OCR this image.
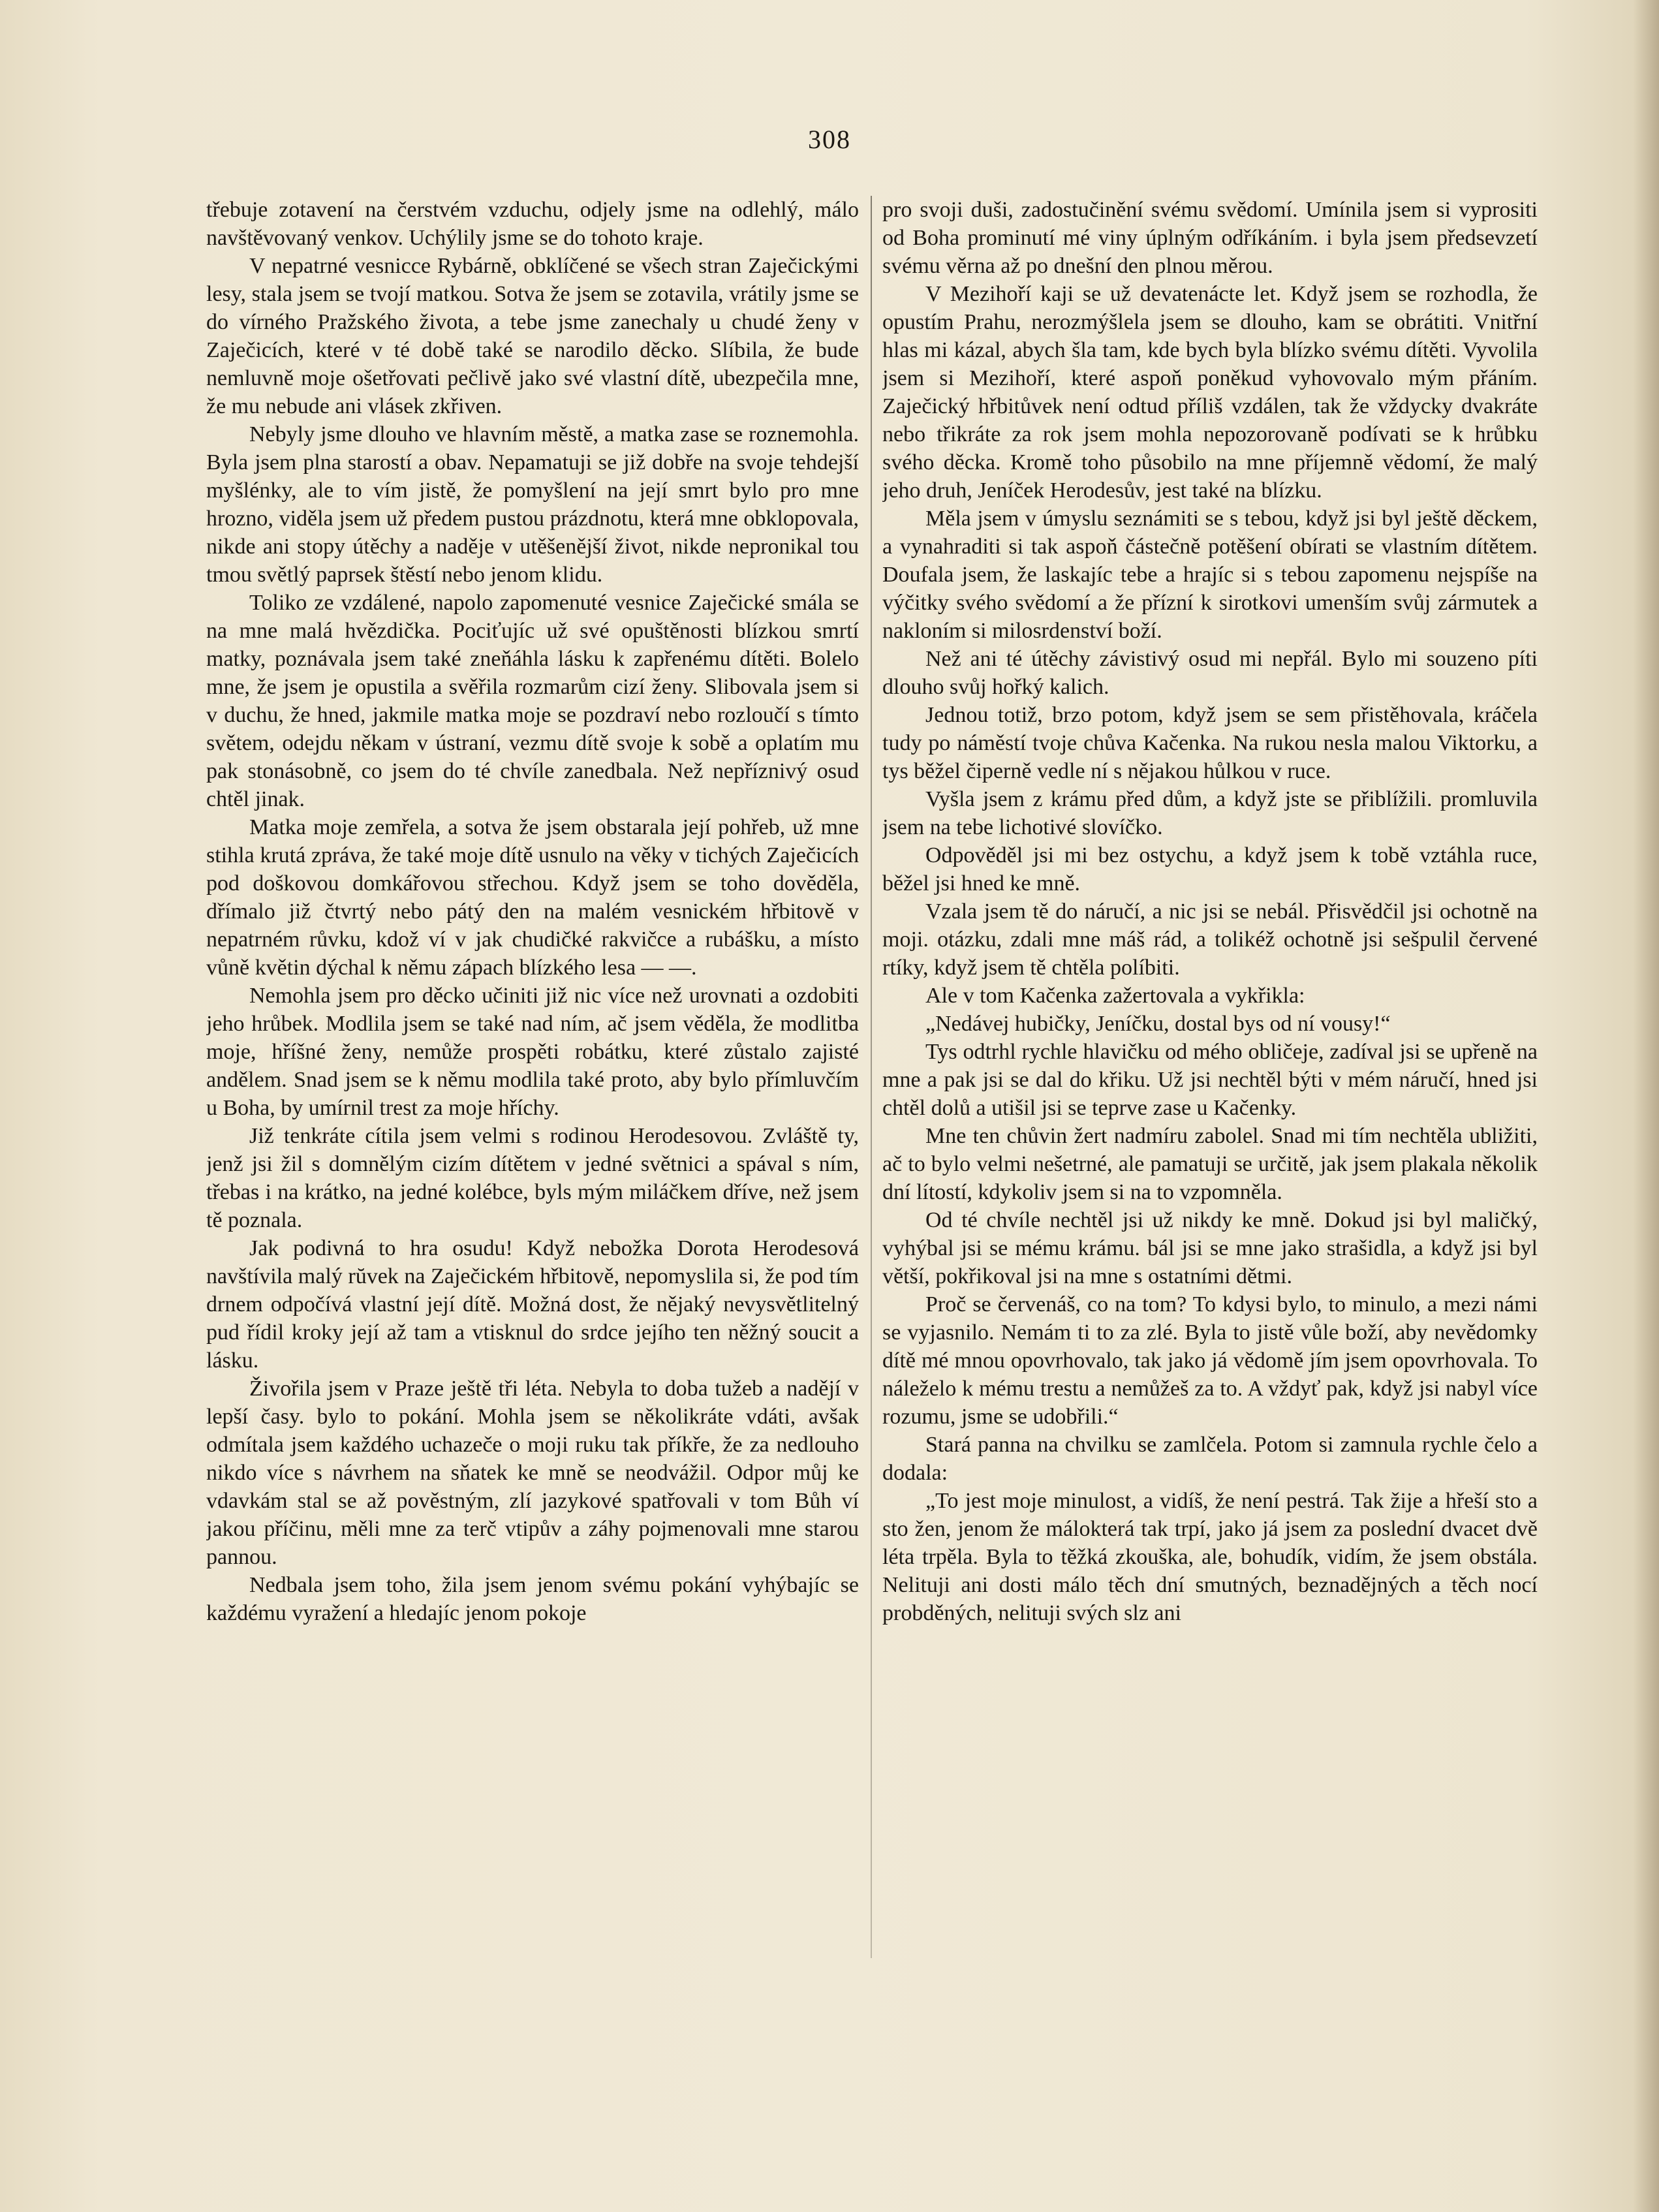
308

třebuje zotavení na čerstvém vzduchu, odjely jsme na odlehlý, málo navštěvovaný venkov. Uchýlily jsme se do tohoto kraje.

V nepatrné vesnicce Rybárně, obklíčené se všech stran Zaječickými lesy, stala jsem se tvojí matkou. Sotva že jsem se zotavila, vrátily jsme se do vírného Pražského života, a tebe jsme zanechaly u chudé ženy v Zaječicích, které v té době také se narodilo děcko. Slíbila, že bude nemluvně moje ošetřovati pečlivě jako své vlastní dítě, ubezpečila mne, že mu nebude ani vlásek zkřiven.

Nebyly jsme dlouho ve hlavním městě, a matka zase se roznemohla. Byla jsem plna starostí a obav. Nepamatuji se již dobře na svoje tehdejší myšlénky, ale to vím jistě, že pomyšlení na její smrt bylo pro mne hrozno, viděla jsem už předem pustou prázdnotu, která mne obklopovala, nikde ani stopy útěchy a naděje v utěšenější život, nikde nepronikal tou tmou světlý paprsek štěstí nebo jenom klidu.

Toliko ze vzdálené, napolo zapomenuté vesnice Zaječické smála se na mne malá hvězdička. Pociťujíc už své opuštěnosti blízkou smrtí matky, poznávala jsem také zneňáhla lásku k zapřenému dítěti. Bolelo mne, že jsem je opustila a svěřila rozmarům cizí ženy. Slibovala jsem si v duchu, že hned, jakmile matka moje se pozdraví nebo rozloučí s tímto světem, odejdu někam v ústraní, vezmu dítě svoje k sobě a oplatím mu pak stonásobně, co jsem do té chvíle zanedbala. Než nepříznivý osud chtěl jinak.

Matka moje zemřela, a sotva že jsem obstarala její pohřeb, už mne stihla krutá zpráva, že také moje dítě usnulo na věky v tichých Zaječicích pod doškovou domkářovou střechou. Když jsem se toho dověděla, dřímalo již čtvrtý nebo pátý den na malém vesnickém hřbitově v nepatrném růvku, kdož ví v jak chudičké rakvičce a rubášku, a místo vůně květin dýchal k němu zápach blízkého lesa — —.

Nemohla jsem pro děcko učiniti již nic více než urovnati a ozdobiti jeho hrůbek. Modlila jsem se také nad ním, ač jsem věděla, že modlitba moje, hříšné ženy, nemůže prospěti robátku, které zůstalo zajisté andělem. Snad jsem se k němu modlila také proto, aby bylo přímluvčím u Boha, by umírnil trest za moje hříchy.

Již tenkráte cítila jsem velmi s rodinou Herodesovou. Zvláště ty, jenž jsi žil s domnělým cizím dítětem v jedné světnici a spával s ním, třebas i na krátko, na jedné kolébce, byls mým miláčkem dříve, než jsem tě poznala.

Jak podivná to hra osudu! Když nebožka Dorota Herodesová navštívila malý rŭvek na Zaječickém hřbitově, nepomyslila si, že pod tím drnem odpočívá vlastní její dítě. Možná dost, že nějaký nevysvětlitelný pud řídil kroky její až tam a vtisknul do srdce jejího ten něžný soucit a lásku.

Živořila jsem v Praze ještě tři léta. Nebyla to doba tužeb a nadějí v lepší časy. bylo to pokání. Mohla jsem se několikráte vdáti, avšak odmítala jsem každého uchazeče o moji ruku tak příkře, že za nedlouho nikdo více s návrhem na sňatek ke mně se neodvážil. Odpor můj ke vdavkám stal se až pověstným, zlí jazykové spatřovali v tom Bůh ví jakou příčinu, měli mne za terč vtipův a záhy pojmenovali mne starou pannou.

Nedbala jsem toho, žila jsem jenom svému pokání vyhýbajíc se každému vyražení a hledajíc jenom pokoje

pro svoji duši, zadostučinění svému svědomí. Umínila jsem si vyprositi od Boha prominutí mé viny úplným odříkáním. i byla jsem předsevzetí svému věrna až po dnešní den plnou měrou.

V Mezihoří kaji se už devatenácte let. Když jsem se rozhodla, že opustím Prahu, nerozmýšlela jsem se dlouho, kam se obrátiti. Vnitřní hlas mi kázal, abych šla tam, kde bych byla blízko svému dítěti. Vyvolila jsem si Mezihoří, které aspoň poněkud vyhovovalo mým přáním. Zaječický hřbitůvek není odtud příliš vzdálen, tak že vždycky dvakráte nebo třikráte za rok jsem mohla nepozorovaně podívati se k hrůbku svého děcka. Kromě toho působilo na mne příjemně vědomí, že malý jeho druh, Jeníček Herodesův, jest také na blízku.

Měla jsem v úmyslu seznámiti se s tebou, když jsi byl ještě děckem, a vynahraditi si tak aspoň částečně potěšení obírati se vlastním dítětem. Doufala jsem, že laskajíc tebe a hrajíc si s tebou zapomenu nejspíše na výčitky svého svědomí a že přízní k sirotkovi umenším svůj zármutek a nakloním si milosrdenství boží.

Než ani té útěchy závistivý osud mi nepřál. Bylo mi souzeno píti dlouho svůj hořký kalich.

Jednou totiž, brzo potom, když jsem se sem přistěhovala, kráčela tudy po náměstí tvoje chůva Kačenka. Na rukou nesla malou Viktorku, a tys běžel čiperně vedle ní s nějakou hůlkou v ruce.

Vyšla jsem z krámu před dům, a když jste se přiblížili. promluvila jsem na tebe lichotivé slovíčko.

Odpověděl jsi mi bez ostychu, a když jsem k tobě vztáhla ruce, běžel jsi hned ke mně.

Vzala jsem tě do náručí, a nic jsi se nebál. Přisvědčil jsi ochotně na moji. otázku, zdali mne máš rád, a tolikéž ochotně jsi sešpulil červené rtíky, když jsem tě chtěla políbiti.

Ale v tom Kačenka zažertovala a vykřikla:

„Nedávej hubičky, Jeníčku, dostal bys od ní vousy!“

Tys odtrhl rychle hlavičku od mého obličeje, zadíval jsi se upřeně na mne a pak jsi se dal do křiku. Už jsi nechtěl býti v mém náručí, hned jsi chtěl dolů a utišil jsi se teprve zase u Kačenky.

Mne ten chůvin žert nadmíru zabolel. Snad mi tím nechtěla ubližiti, ač to bylo velmi nešetrné, ale pamatuji se určitě, jak jsem plakala několik dní lítostí, kdykoliv jsem si na to vzpomněla.

Od té chvíle nechtěl jsi už nikdy ke mně. Dokud jsi byl maličký, vyhýbal jsi se mému krámu. bál jsi se mne jako strašidla, a když jsi byl větší, pokřikoval jsi na mne s ostatními dětmi.

Proč se červenáš, co na tom? To kdysi bylo, to minulo, a mezi námi se vyjasnilo. Nemám ti to za zlé. Byla to jistě vůle boží, aby nevědomky dítě mé mnou opovrhovalo, tak jako já vědomě jím jsem opovrhovala. To náleželo k mému trestu a nemůžeš za to. A vždyť pak, když jsi nabyl více rozumu, jsme se udobřili.“

Stará panna na chvilku se zamlčela. Potom si zamnula rychle čelo a dodala:

„To jest moje minulost, a vidíš, že není pestrá. Tak žije a hřeší sto a sto žen, jenom že málokterá tak trpí, jako já jsem za poslední dvacet dvě léta trpěla. Byla to těžká zkouška, ale, bohudík, vidím, že jsem obstála. Nelituji ani dosti málo těch dní smutných, beznadějných a těch nocí probděných, nelituji svých slz ani
